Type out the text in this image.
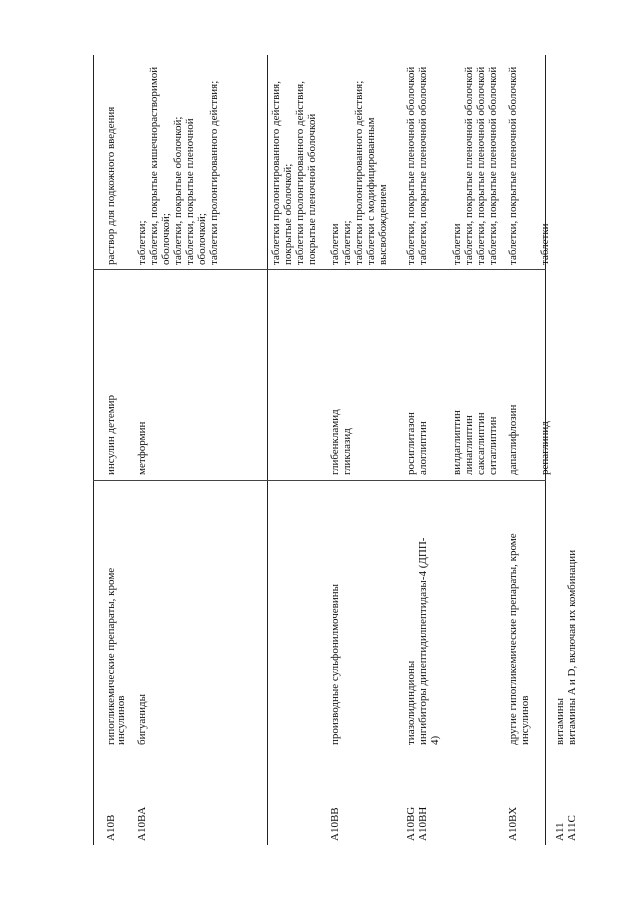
A10B
гипогликемические препараты, кроме
инсулинов
инсулин детемир
раствор для подкожного введения
A10BA
бигуаниды
метформин
таблетки; таблетки, покрытые кишечнорастворимой оболочкой; таблетки, покрытые оболочкой; таблетки, покрытые пленочной оболочкой; таблетки пролонгированного действия;
A10BB
производные сульфонилмочевины
глибенкламид гликлазид
таблетки пролонгированного действия, покрытые оболочкой; таблетки пролонгированного действия, покрытые пленочной оболочкой таблетки таблетки; таблетки пролонгированного действия; таблетки с модифицированным высвобождением
A10BG
тиазолидиндионы
росиглитазон
таблетки, покрытые пленочной оболочкой
A10BH
ингибиторы дипептидилпептидазы-4 (ДПП- 4)
алоглиптин вилдаглиптин линаглиптин саксаглиптин ситаглиптин
таблетки, покрытые пленочной оболочкой таблетки таблетки, покрытые пленочной оболочкой таблетки, покрытые пленочной оболочкой таблетки, покрытые пленочной оболочкой
A10BX
другие гипогликемические препараты, кроме инсулинов
дапаглифлозин репаглинид
таблетки, покрытые пленочной оболочкой таблетки
A11
витамины
A11C
витамины A и D, включая их комбинации
